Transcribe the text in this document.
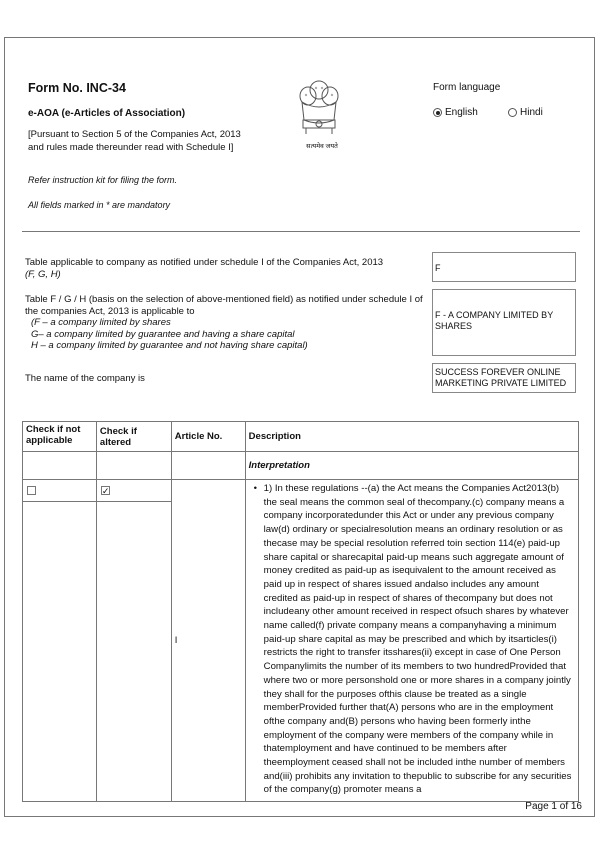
Form No. INC-34
e-AOA (e-Articles of Association)
[Pursuant to Section 5 of the Companies Act, 2013
and rules made thereunder read with Schedule I]	सत्यमेव जयते
Form language
English	Hindi
Refer instruction kit for filing the form.
All fields marked in * are mandatory
Table applicable to company as notified under schedule I of the Companies Act, 2013
(F, G, H)
F
Table F / G / H (basis on the selection of above-mentioned field) as notified under schedule I of
the companies Act, 2013 is applicable to
(F – a company limited by shares
G– a company limited by guarantee and having a share capital
H – a company limited by guarantee and not having share capital)
F - A COMPANY LIMITED BY SHARES
The name of the company is
SUCCESS FOREVER ONLINE MARKETING PRIVATE LIMITED
Check if not applicable	Check if altered	Article No.	Description
			Interpretation

	✓	I	• 1) In these regulations --(a) the Act means the Companies Act2013(b) the seal means the common seal of thecompany.(c) company means a company incorporatedunder this Act or under any previous company law(d) ordinary or specialresolution means an ordinary resolution or as thecase may be special resolution referred toin section 114(e) paid-up share capital or sharecapital paid-up means such aggregate amount of money credited as paid-up as isequivalent to the amount received as paid up in respect of shares issued andalso includes any amount credited as paid-up in respect of shares of thecompany but does not includeany other amount received in respect ofsuch shares by whatever name called(f) private company means a companyhaving a minimum paid-up share capital as may be prescribed and which by itsarticles(i) restricts the right to transfer itsshares(ii) except in case of One Person Companylimits the number of its members to two hundredProvided that where two or more personshold one or more shares in a company jointly they shall for the purposes ofthis clause be treated as a single memberProvided further that(A) persons who are in the employment ofthe company and(B) persons who having been formerly inthe employment of the company were members of the company while in thatemployment and have continued to be members after theemployment ceased shall not be included inthe number of members and(iii) prohibits any invitation to thepublic to subscribe for any securities of the company(g) promoter means a
Page 1 of 16
